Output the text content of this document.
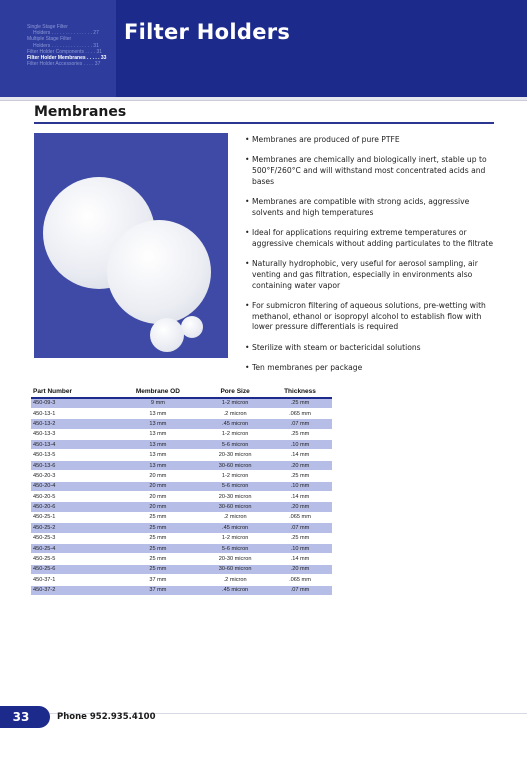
Single Stage Filter
Holders . . . . . . . . . . . . . . . 27
Multiple Stage Filter
Holders . . . . . . . . . . . . . . . 31
Filter Holder Components . . . . 31
Filter Holder Membranes . . . . . 33
Filter Holder Accessories . . . . 37
Filter Holders
Membranes
• Membranes are produced of pure PTFE
• Membranes are chemically and biologically inert, stable up to 500°F/260°C and will withstand most concentrated acids and bases
• Membranes are compatible with strong acids, aggressive solvents and high temperatures
• Ideal for applications requiring extreme temperatures or aggressive chemicals without adding particulates to the filtrate
• Naturally hydrophobic, very useful for aerosol sampling, air venting and gas filtration, especially in environments also containing water vapor
• For submicron filtering of aqueous solutions, pre-wetting with methanol, ethanol or isopropyl alcohol to establish flow with lower pressure differentials is required
• Sterilize with steam or bactericidal solutions
• Ten membranes per package
Part Number	Membrane OD	Pore Size	Thickness
450-09-3	9 mm	1-2 micron	.25 mm
450-13-1	13 mm	.2 micron	.065 mm
450-13-2	13 mm	.45 micron	.07 mm
450-13-3	13 mm	1-2 micron	.25 mm
450-13-4	13 mm	5-6 micron	.10 mm
450-13-5	13 mm	20-30 micron	.14 mm
450-13-6	13 mm	30-60 micron	.20 mm
450-20-3	20 mm	1-2 micron	.25 mm
450-20-4	20 mm	5-6 micron	.10 mm
450-20-5	20 mm	20-30 micron	.14 mm
450-20-6	20 mm	30-60 micron	.20 mm
450-25-1	25 mm	.2 micron	.065 mm
450-25-2	25 mm	.45 micron	.07 mm
450-25-3	25 mm	1-2 micron	.25 mm
450-25-4	25 mm	5-6 micron	.10 mm
450-25-5	25 mm	20-30 micron	.14 mm
450-25-6	25 mm	30-60 micron	.20 mm
450-37-1	37 mm	.2 micron	.065 mm
450-37-2	37 mm	.45 micron	.07 mm
33	Phone 952.935.4100
